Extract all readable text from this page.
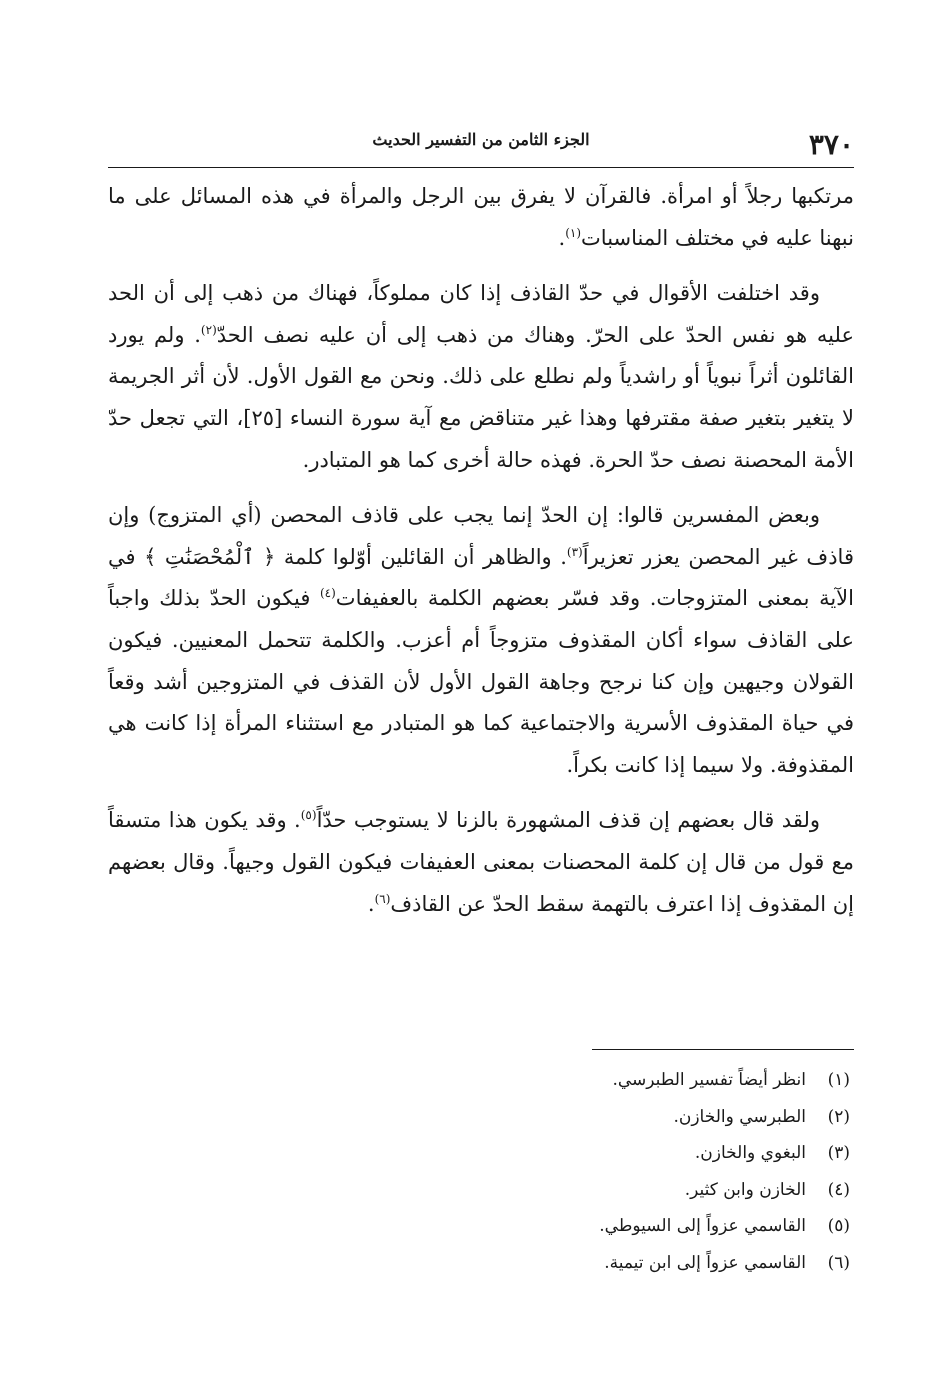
٣٧٠
الجزء الثامن من التفسير الحديث

مرتكبها رجلاً أو امرأة. فالقرآن لا يفرق بين الرجل والمرأة في هذه المسائل على ما نبهنا عليه في مختلف المناسبات$^{(١)}$.

وقد اختلفت الأقوال في حدّ القاذف إذا كان مملوكاً، فهناك من ذهب إلى أن الحد عليه هو نفس الحدّ على الحرّ. وهناك من ذهب إلى أن عليه نصف الحدّ$^{(٢)}$. ولم يورد القائلون أثراً نبوياً أو راشدياً ولم نطلع على ذلك. ونحن مع القول الأول. لأن أثر الجريمة لا يتغير بتغير صفة مقترفها وهذا غير متناقض مع آية سورة النساء [٢٥]، التي تجعل حدّ الأمة المحصنة نصف حدّ الحرة. فهذه حالة أخرى كما هو المتبادر.

وبعض المفسرين قالوا: إن الحدّ إنما يجب على قاذف المحصن (أي المتزوج) وإن قاذف غير المحصن يعزر تعزيراً$^{(٣)}$. والظاهر أن القائلين أوّلوا كلمة ﴿ ٱلْمُحْصَنَٰتِ ﴾ في الآية بمعنى المتزوجات. وقد فسّر بعضهم الكلمة بالعفيفات$^{(٤)}$ فيكون الحدّ بذلك واجباً على القاذف سواء أكان المقذوف متزوجاً أم أعزب. والكلمة تتحمل المعنيين. فيكون القولان وجيهين وإن كنا نرجح وجاهة القول الأول لأن القذف في المتزوجين أشد وقعاً في حياة المقذوف الأسرية والاجتماعية كما هو المتبادر مع استثناء المرأة إذا كانت هي المقذوفة. ولا سيما إذا كانت بكراً.

ولقد قال بعضهم إن قذف المشهورة بالزنا لا يستوجب حدّاً$^{(٥)}$. وقد يكون هذا متسقاً مع قول من قال إن كلمة المحصنات بمعنى العفيفات فيكون القول وجيهاً. وقال بعضهم إن المقذوف إذا اعترف بالتهمة سقط الحدّ عن القاذف$^{(٦)}$.

(١)انظر أيضاً تفسير الطبرسي.
(٢)الطبرسي والخازن.
(٣)البغوي والخازن.
(٤)الخازن وابن كثير.
(٥)القاسمي عزواً إلى السيوطي.
(٦)القاسمي عزواً إلى ابن تيمية.
